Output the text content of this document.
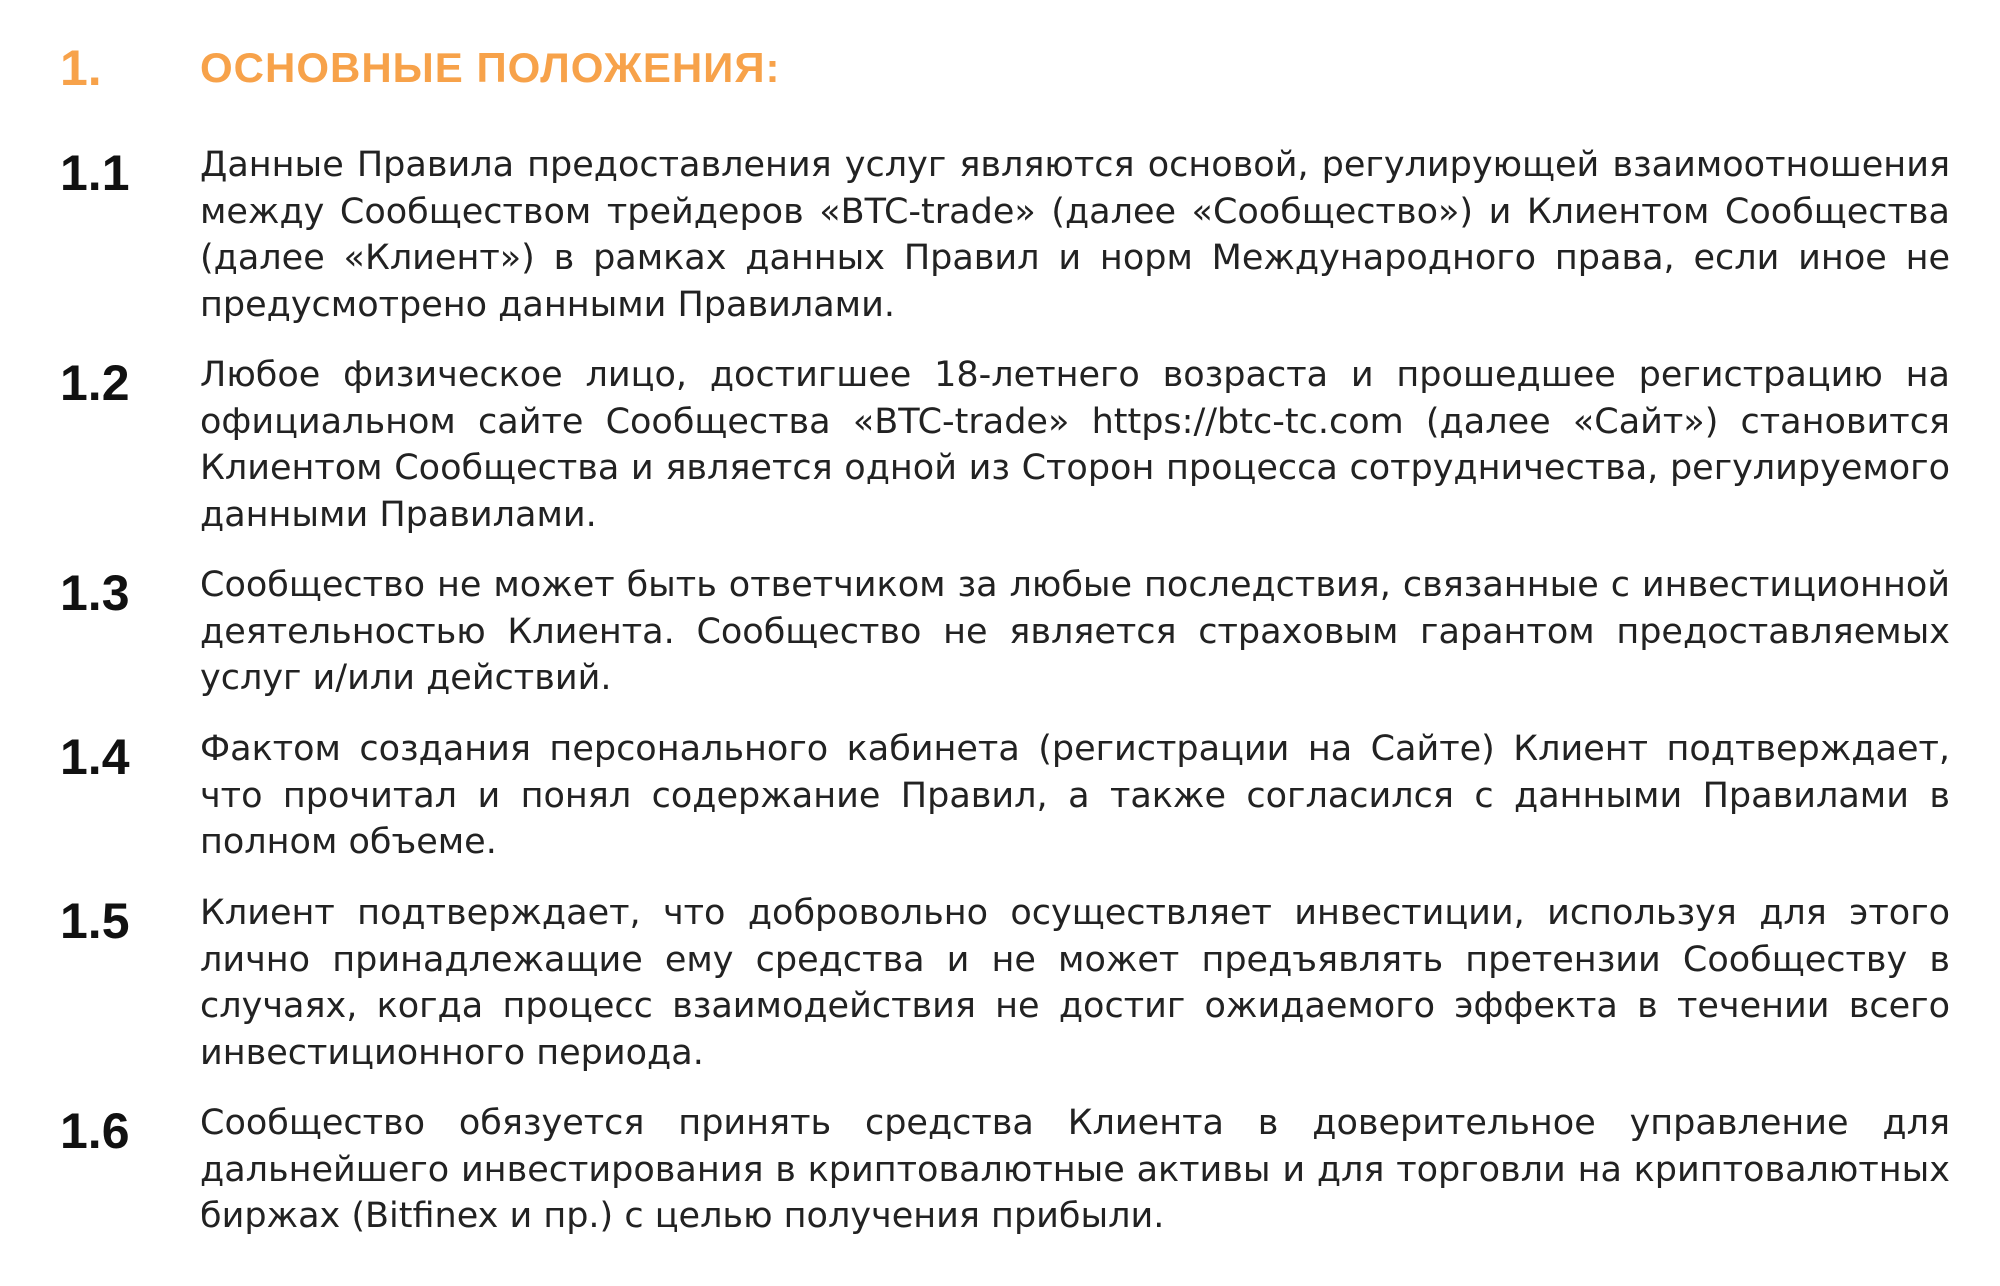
1.	ОСНОВНЫЕ ПОЛОЖЕНИЯ:
1.1	Данные Правила предоставления услуг являются основой, регулирующей взаимоотношения между Сообществом трейдеров «BTC-trade» (далее «Сообщество») и Клиентом Сообщества (далее «Клиент») в рамках данных Правил и норм Международного права, если иное не предусмотрено данными Правилами.
1.2	Любое физическое лицо, достигшее 18-летнего возраста и прошедшее регистрацию на официальном сайте Сообщества «BTC-trade» https://btc-tc.com (далее «Сайт») становится Клиентом Сообщества и является одной из Сторон процесса сотрудничества, регулируемого данными Правилами.
1.3	Сообщество не может быть ответчиком за любые последствия, связанные с инвестиционной деятельностью Клиента. Сообщество не является страховым гарантом предоставляемых услуг и/или действий.
1.4	Фактом создания персонального кабинета (регистрации на Сайте) Клиент подтверждает, что прочитал и понял содержание Правил, а также согласился с данными Правилами в полном объеме.
1.5	Клиент подтверждает, что добровольно осуществляет инвестиции, используя для этого лично принадлежащие ему средства и не может предъявлять претензии Сообществу в случаях, когда процесс взаимодействия не достиг ожидаемого эффекта в течении всего инвестиционного периода.
1.6	Сообщество обязуется принять средства Клиента в доверительное управление для дальнейшего инвестирования в криптовалютные активы и для торговли на криптовалютных биржах (Bitfinex и пр.) с целью получения прибыли.
